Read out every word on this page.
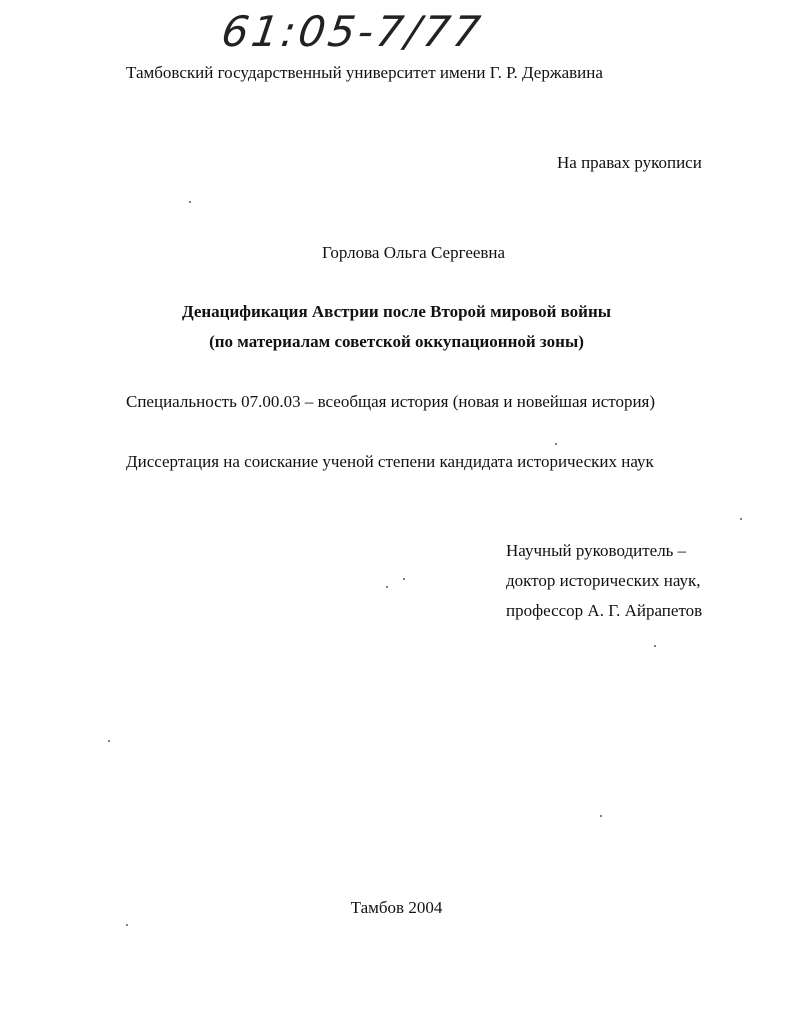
61:05-7/77
Тамбовский государственный университет имени Г. Р. Державина
На правах рукописи
Горлова Ольга Сергеевна
Денацификация Австрии после Второй мировой войны
(по материалам советской оккупационной зоны)
Специальность 07.00.03 – всеобщая история (новая и новейшая история)
Диссертация на соискание ученой степени кандидата исторических наук
Научный руководитель –
доктор исторических наук,
профессор А. Г. Айрапетов
Тамбов 2004
